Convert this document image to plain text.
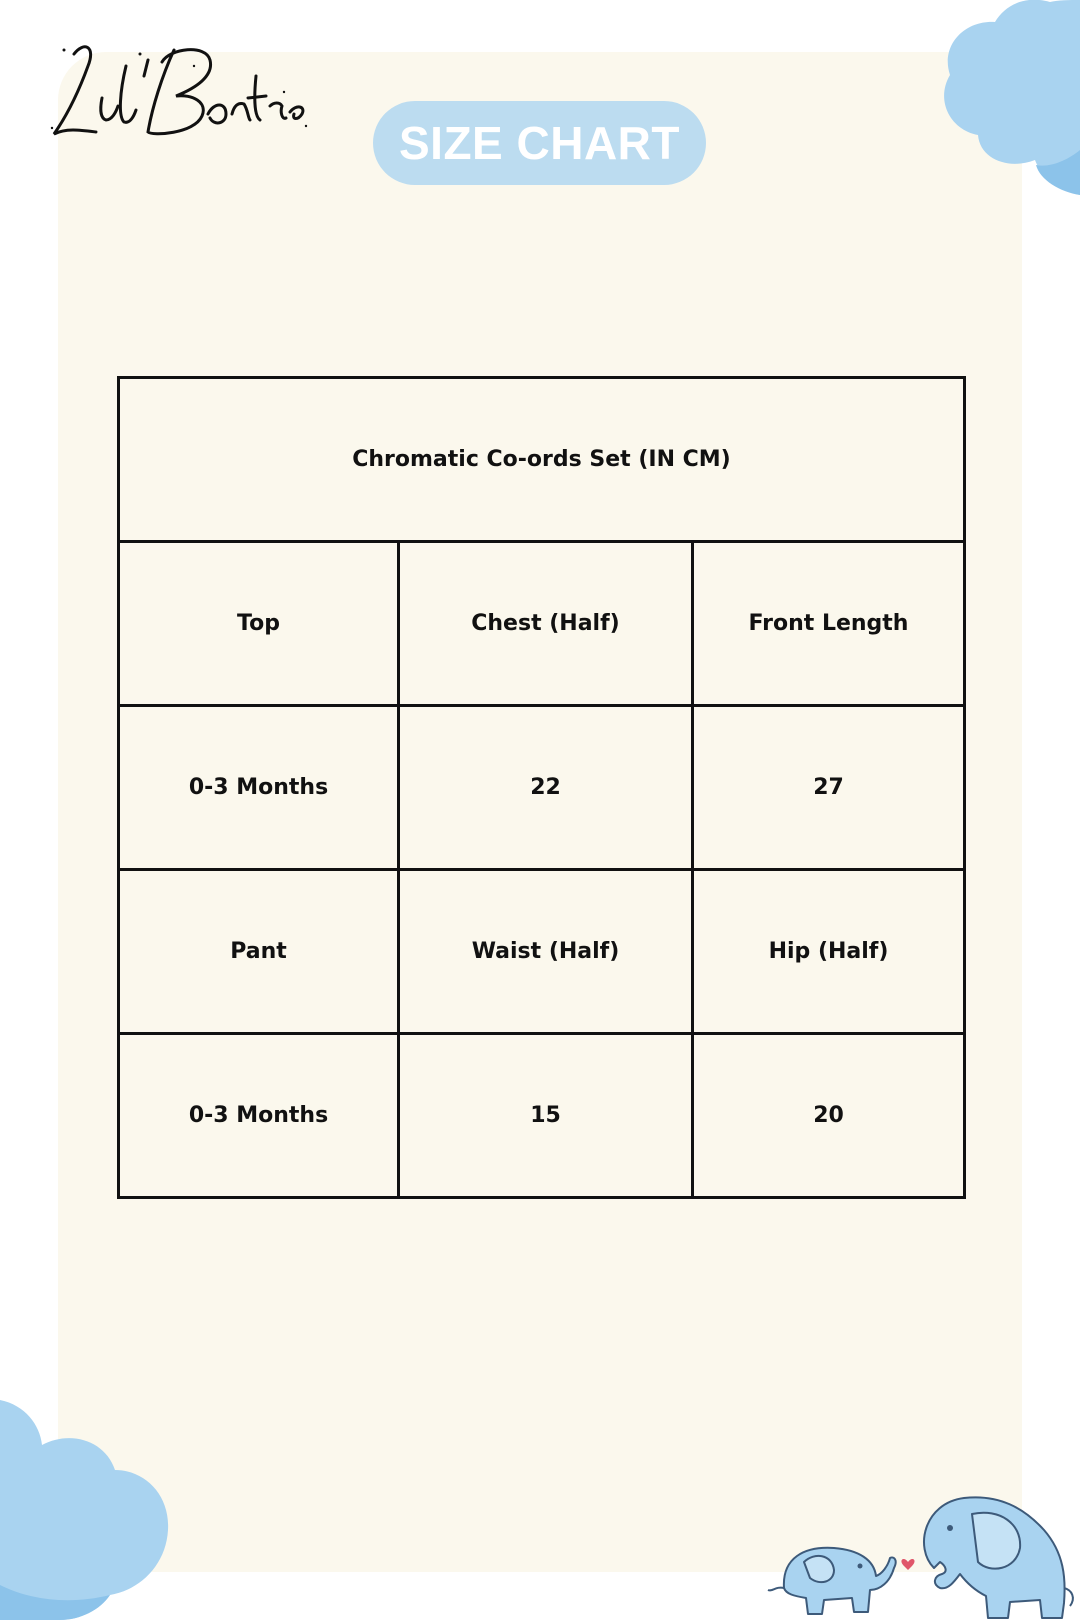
SIZE CHART
Chromatic Co-ords Set (IN CM)		
Top	Chest (Half)	Front Length
0-3 Months	22	27
Pant	Waist (Half)	Hip (Half)
0-3 Months	15	20
